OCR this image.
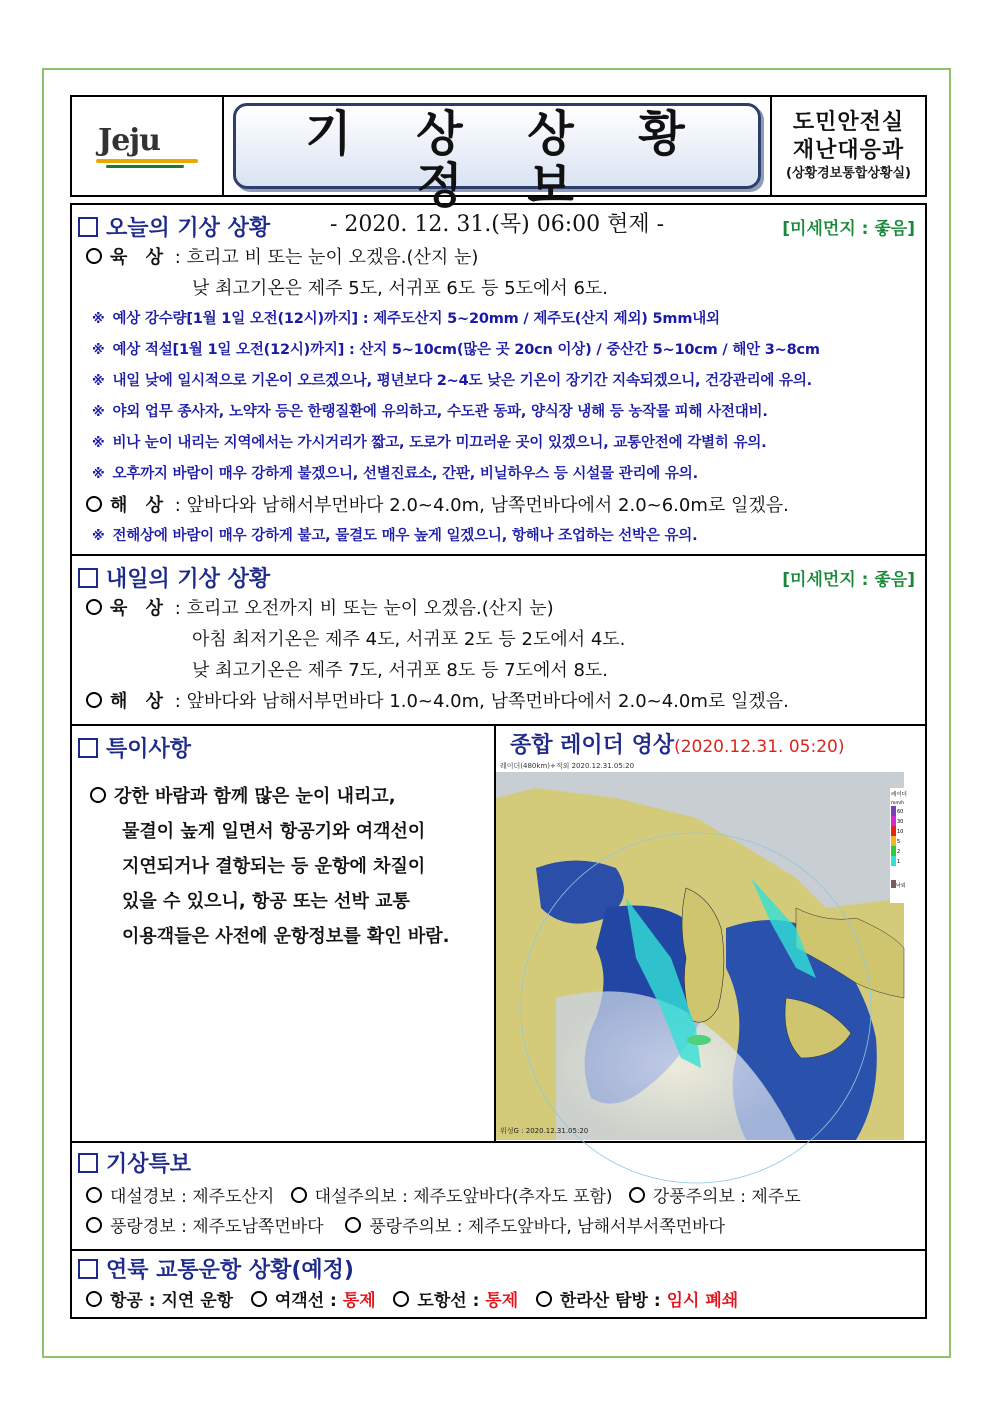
Jeju	기 상 상 황 정 보
- 2020. 12. 31.(목) 06:00 현제 -
도민안전실
재난대응과
(상황경보통합상황실)
오늘의 기상 상황	[미세먼지 : 좋음]
육 상 : 흐리고 비 또는 눈이 오겠음.(산지 눈)
낮 최고기온은 제주 5도, 서귀포 6도 등 5도에서 6도.
※ 예상 강수량[1월 1일 오전(12시)까지] : 제주도산지 5~20mm / 제주도(산지 제외) 5mm내외
※ 예상 적설[1월 1일 오전(12시)까지] : 산지 5~10cm(많은 곳 20cn 이상) / 중산간 5~10cm / 해안 3~8cm
※ 내일 낮에 일시적으로 기온이 오르겠으나, 평년보다 2~4도 낮은 기온이 장기간 지속되겠으니, 건강관리에 유의.
※ 야외 업무 종사자, 노약자 등은 한랭질환에 유의하고, 수도관 동파, 양식장 냉해 등 농작물 피해 사전대비.
※ 비나 눈이 내리는 지역에서는 가시거리가 짧고, 도로가 미끄러운 곳이 있겠으니, 교통안전에 각별히 유의.
※ 오후까지 바람이 매우 강하게 불겠으니, 선별진료소, 간판, 비닐하우스 등 시설물 관리에 유의.
해 상 : 앞바다와 남해서부먼바다 2.0~4.0m, 남쪽먼바다에서 2.0~6.0m로 일겠음.
※ 전해상에 바람이 매우 강하게 불고, 물결도 매우 높게 일겠으니, 항해나 조업하는 선박은 유의.
내일의 기상 상황	[미세먼지 : 좋음]
육 상 : 흐리고 오전까지 비 또는 눈이 오겠음.(산지 눈)
아침 최저기온은 제주 4도, 서귀포 2도 등 2도에서 4도.
낮 최고기온은 제주 7도, 서귀포 8도 등 7도에서 8도.
해 상 : 앞바다와 남해서부먼바다 1.0~4.0m, 남쪽먼바다에서 2.0~4.0m로 일겠음.
특이사항
강한 바람과 함께 많은 눈이 내리고,
물결이 높게 일면서 항공기와 여객선이
지연되거나 결항되는 등 운항에 차질이
있을 수 있으니, 항공 또는 선박 교통
이용객들은 사전에 운항정보를 확인 바람.
종합 레이더 영상(2020.12.31. 05:20)
레이더(480km)+적외 2020.12.31.05:20
레이더
mm/h
60
30
10
5
2
1
낙뢰
위성G : 2020.12.31.05:20
기상특보
대설경보 : 제주도산지 대설주의보 : 제주도앞바다(추자도 포함) 강풍주의보 : 제주도
풍랑경보 : 제주도남쪽먼바다	풍랑주의보 : 제주도앞바다, 남해서부서쪽먼바다
연륙 교통운항 상황(예정)
항공 : 지연 운항 여객선 : 통제 도항선 : 통제 한라산 탐방 : 임시 폐쇄
